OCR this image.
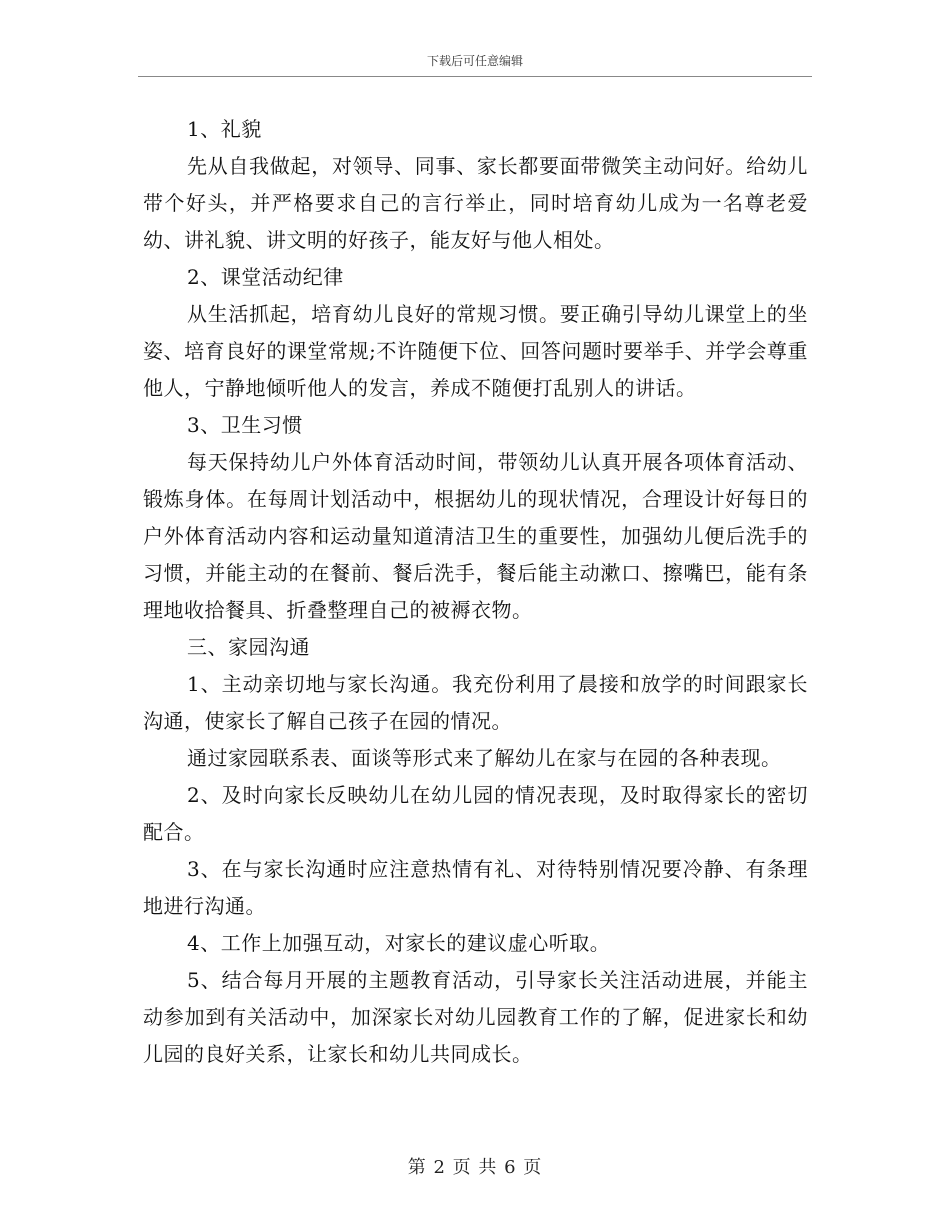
下载后可任意编辑

1、礼貌

先从自我做起，对领导、同事、家长都要面带微笑主动问好。给幼儿带个好头，并严格要求自己的言行举止，同时培育幼儿成为一名尊老爱幼、讲礼貌、讲文明的好孩子，能友好与他人相处。

2、课堂活动纪律

从生活抓起，培育幼儿良好的常规习惯。要正确引导幼儿课堂上的坐姿、培育良好的课堂常规;不许随便下位、回答问题时要举手、并学会尊重他人，宁静地倾听他人的发言，养成不随便打乱别人的讲话。

3、卫生习惯

每天保持幼儿户外体育活动时间，带领幼儿认真开展各项体育活动、锻炼身体。在每周计划活动中，根据幼儿的现状情况，合理设计好每日的户外体育活动内容和运动量知道清洁卫生的重要性，加强幼儿便后洗手的习惯，并能主动的在餐前、餐后洗手，餐后能主动漱口、擦嘴巴，能有条理地收拾餐具、折叠整理自己的被褥衣物。

三、家园沟通

1、主动亲切地与家长沟通。我充份利用了晨接和放学的时间跟家长沟通，使家长了解自己孩子在园的情况。

通过家园联系表、面谈等形式来了解幼儿在家与在园的各种表现。

2、及时向家长反映幼儿在幼儿园的情况表现，及时取得家长的密切配合。

3、在与家长沟通时应注意热情有礼、对待特别情况要冷静、有条理地进行沟通。

4、工作上加强互动，对家长的建议虚心听取。

5、结合每月开展的主题教育活动，引导家长关注活动进展，并能主动参加到有关活动中，加深家长对幼儿园教育工作的了解，促进家长和幼儿园的良好关系，让家长和幼儿共同成长。

第 2 页 共 6 页
